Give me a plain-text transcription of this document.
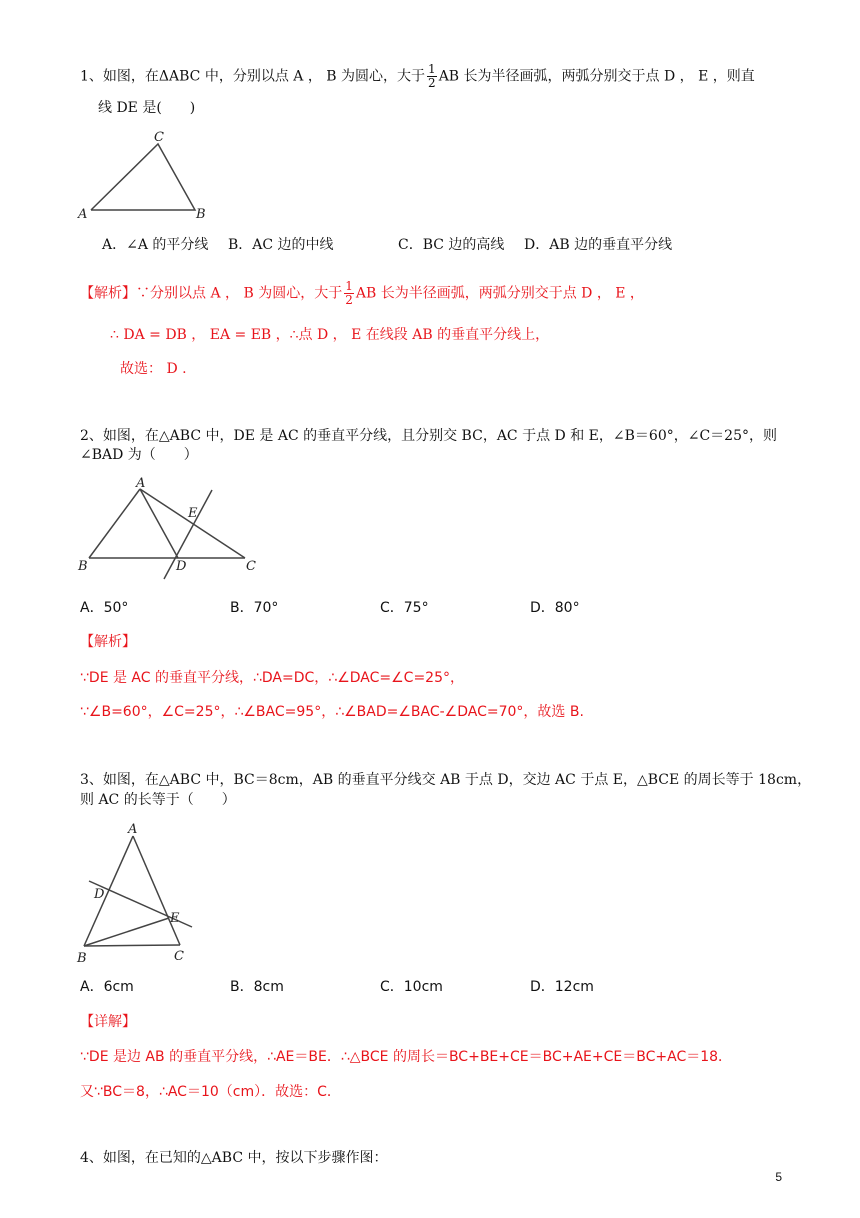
1、如图，在ΔABC 中，分别以点 A ， B 为圆心，大于 $\frac{1}{2}$ AB 长为半径画弧，两弧分别交于点 D ， E ，则直
线 DE 是(　　)
C
A	B
A．∠A 的平分线 B．AC 边的中线	C．BC 边的高线 D．AB 边的垂直平分线
【解析】∵分别以点 A ， B 为圆心，大于 $\frac{1}{2}$ AB 长为半径画弧，两弧分别交于点 D ， E ，
∴ DA = DB ， EA = EB ，∴点 D ， E 在线段 AB 的垂直平分线上，
故选： D .
2、如图，在△ABC 中，DE 是 AC 的垂直平分线，且分别交 BC，AC 于点 D 和 E，∠B＝60°，∠C＝25°，则
∠BAD 为（　　）
A
E
B	D	C
A．50°	B．70°	C．75°	D．80°
【解析】
∵DE 是 AC 的垂直平分线，∴DA=DC，∴∠DAC=∠C=25°，
∵∠B=60°，∠C=25°，∴∠BAC=95°，∴∠BAD=∠BAC-∠DAC=70°，故选 B.
3、如图，在△ABC 中，BC＝8cm，AB 的垂直平分线交 AB 于点 D，交边 AC 于点 E，△BCE 的周长等于 18cm，
则 AC 的长等于（　　）
A
D
E
B	C
A．6cm	B．8cm	C．10cm	D．12cm
【详解】
∵DE 是边 AB 的垂直平分线，∴AE＝BE．∴△BCE 的周长＝BC+BE+CE＝BC+AE+CE＝BC+AC＝18．
又∵BC＝8，∴AC＝10（cm）．故选：C．
4、如图，在已知的△ABC 中，按以下步骤作图：
5
